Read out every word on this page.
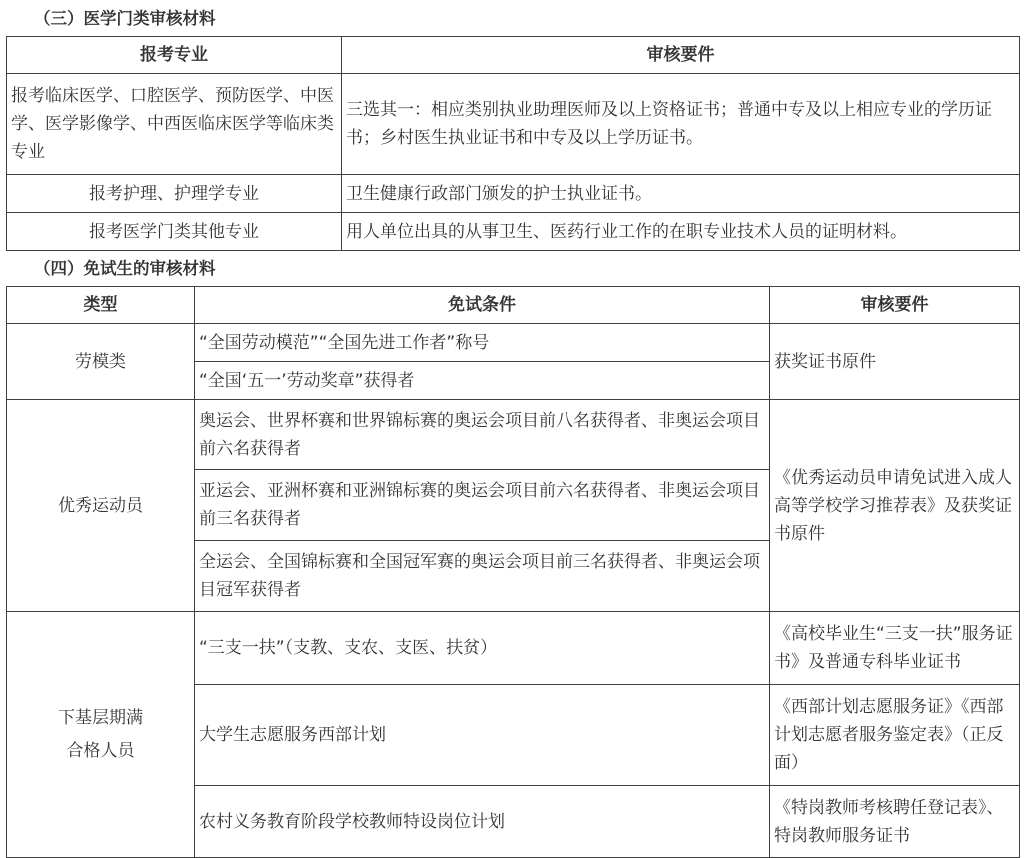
（三）医学门类审核材料
报考专业	审核要件
报考临床医学、口腔医学、预防医学、中医学、医学影像学、中西医临床医学等临床类专业	三选其一：相应类别执业助理医师及以上资格证书；普通中专及以上相应专业的学历证书；乡村医生执业证书和中专及以上学历证书。
报考护理、护理学专业	卫生健康行政部门颁发的护士执业证书。
报考医学门类其他专业	用人单位出具的从事卫生、医药行业工作的在职专业技术人员的证明材料。
（四）免试生的审核材料
类型	免试条件	审核要件
劳模类	“全国劳动模范”“全国先进工作者”称号	获奖证书原件
	“全国‘五一’劳动奖章”获得者	
优秀运动员	奥运会、世界杯赛和世界锦标赛的奥运会项目前八名获得者、非奥运会项目前六名获得者	《优秀运动员申请免试进入成人高等学校学习推荐表》及获奖证书原件
	亚运会、亚洲杯赛和亚洲锦标赛的奥运会项目前六名获得者、非奥运会项目前三名获得者	
	全运会、全国锦标赛和全国冠军赛的奥运会项目前三名获得者、非奥运会项目冠军获得者	

下基层期满
合格人员	“三支一扶”（支教、支农、支医、扶贫）	《高校毕业生“三支一扶”服务证书》及普通专科毕业证书
	大学生志愿服务西部计划	《西部计划志愿服务证》《西部计划志愿者服务鉴定表》（正反面）
	农村义务教育阶段学校教师特设岗位计划	《特岗教师考核聘任登记表》、特岗教师服务证书
